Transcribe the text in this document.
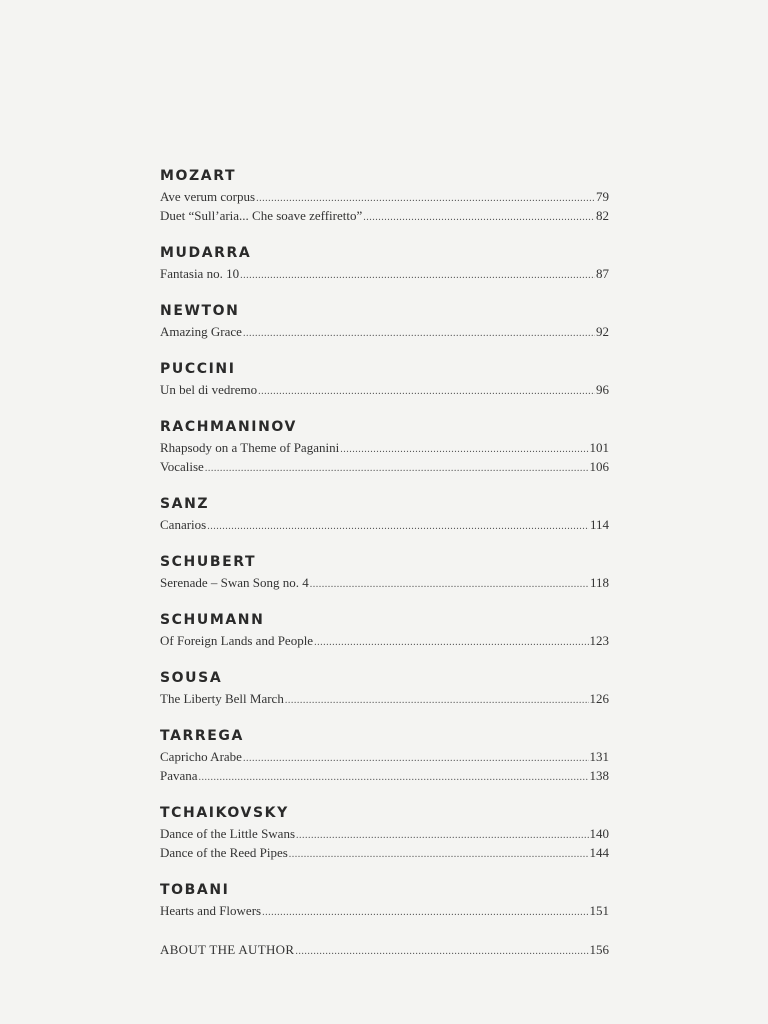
MOZART
Ave verum corpus .....	79
Duet “Sull’aria... Che soave zeffiretto” .....	82
MUDARRA
Fantasia no. 10 .....	87
NEWTON
Amazing Grace .....	92
PUCCINI
Un bel di vedremo .....	96
RACHMANINOV
Rhapsody on a Theme of Paganini .....	101
Vocalise .....	106
SANZ
Canarios .....	114
SCHUBERT
Serenade – Swan Song no. 4 .....	118
SCHUMANN
Of Foreign Lands and People .....	123
SOUSA
The Liberty Bell March .....	126
TARREGA
Capricho Arabe .....	131
Pavana .....	138
TCHAIKOVSKY
Dance of the Little Swans .....	140
Dance of the Reed Pipes .....	144
TOBANI
Hearts and Flowers .....	151
ABOUT THE AUTHOR .....	156
